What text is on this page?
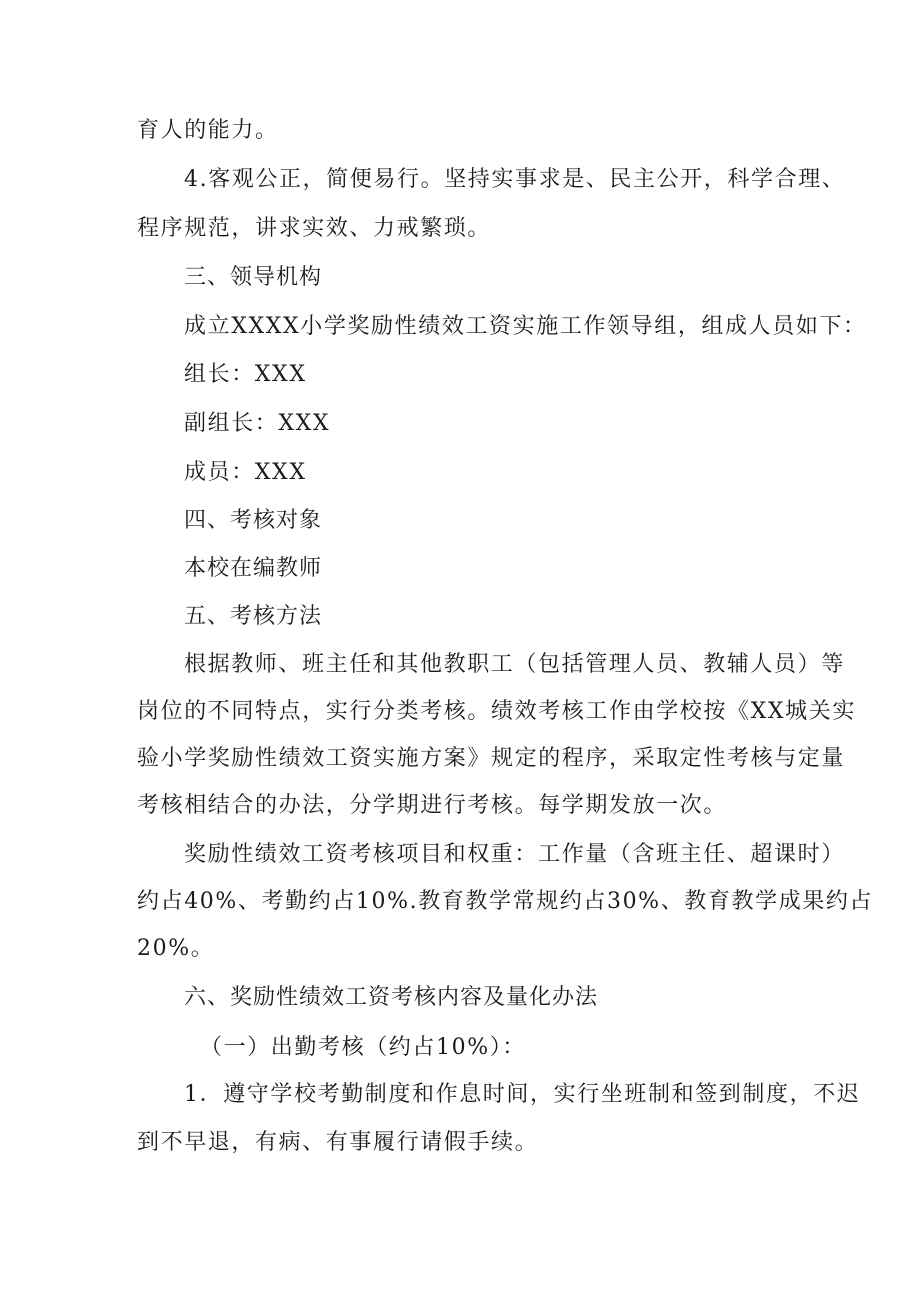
育人的能力。
4.客观公正，简便易行。坚持实事求是、民主公开，科学合理、
程序规范，讲求实效、力戒繁琐。
三、领导机构
成立XXXX小学奖励性绩效工资实施工作领导组，组成人员如下：
组长：XXX
副组长：XXX
成员：XXX
四、考核对象
本校在编教师
五、考核方法
根据教师、班主任和其他教职工（包括管理人员、教辅人员）等
岗位的不同特点，实行分类考核。绩效考核工作由学校按《XX城关实
验小学奖励性绩效工资实施方案》规定的程序，采取定性考核与定量
考核相结合的办法，分学期进行考核。每学期发放一次。
奖励性绩效工资考核项目和权重：工作量（含班主任、超课时）
约占40%、考勤约占10%.教育教学常规约占30%、教育教学成果约占
20%。
六、奖励性绩效工资考核内容及量化办法
（一）出勤考核（约占10%）：
1．遵守学校考勤制度和作息时间，实行坐班制和签到制度，不迟
到不早退，有病、有事履行请假手续。
